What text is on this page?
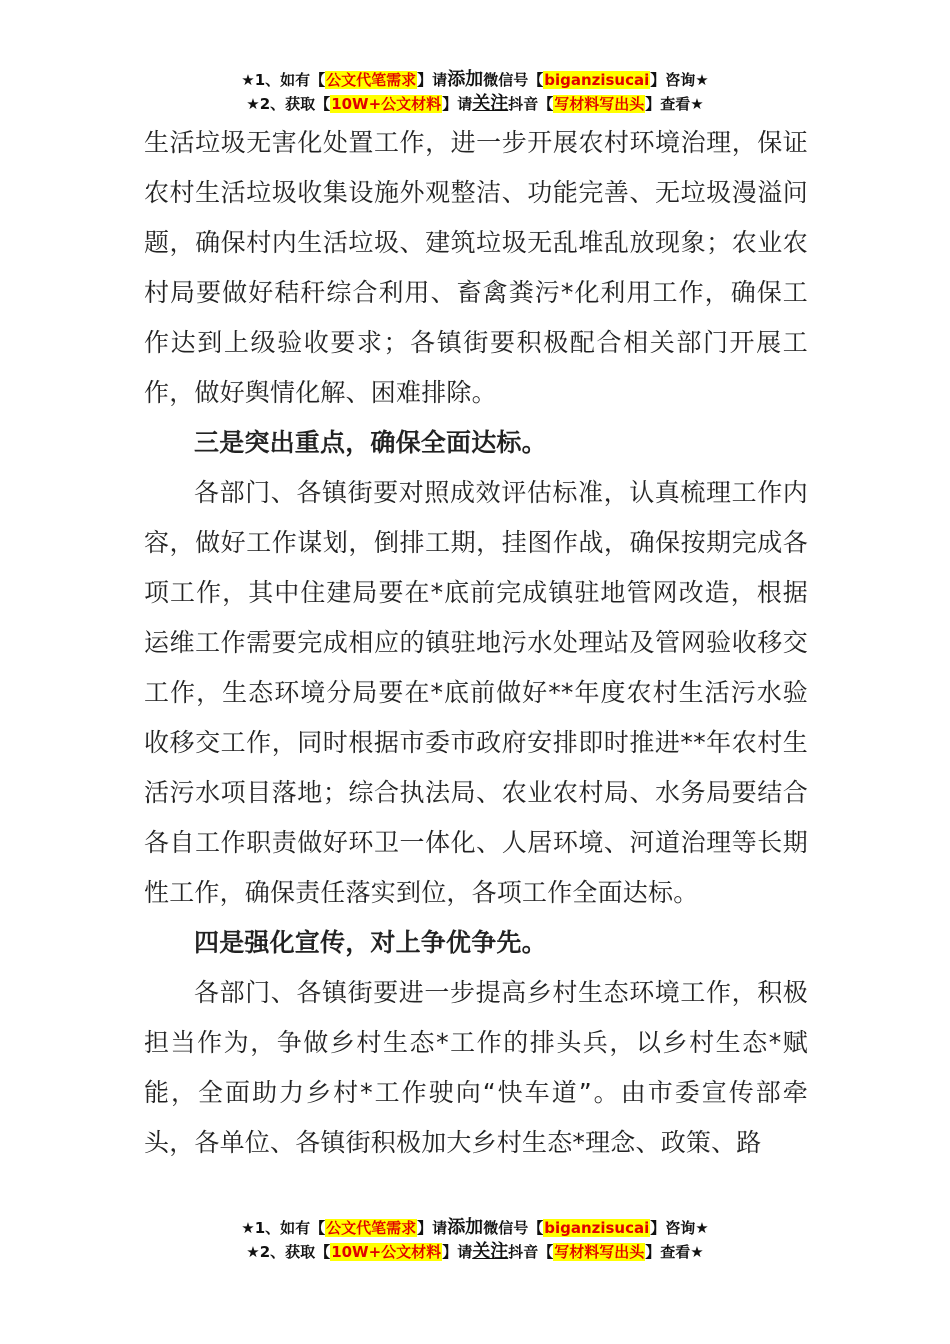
★1、如有【公文代笔需求】请添加微信号【biganzisucai】咨询★
★2、获取【10W+公文材料】请关注抖音【写材料写出头】查看★

生活垃圾无害化处置工作，进一步开展农村环境治理，保证农村生活垃圾收集设施外观整洁、功能完善、无垃圾漫溢问题，确保村内生活垃圾、建筑垃圾无乱堆乱放现象；农业农村局要做好秸秆综合利用、畜禽粪污*化利用工作，确保工作达到上级验收要求；各镇街要积极配合相关部门开展工作，做好舆情化解、困难排除。

三是突出重点，确保全面达标。

各部门、各镇街要对照成效评估标准，认真梳理工作内容，做好工作谋划，倒排工期，挂图作战，确保按期完成各项工作，其中住建局要在*底前完成镇驻地管网改造，根据运维工作需要完成相应的镇驻地污水处理站及管网验收移交工作，生态环境分局要在*底前做好**年度农村生活污水验收移交工作，同时根据市委市政府安排即时推进**年农村生活污水项目落地；综合执法局、农业农村局、水务局要结合各自工作职责做好环卫一体化、人居环境、河道治理等长期性工作，确保责任落实到位，各项工作全面达标。

四是强化宣传，对上争优争先。

各部门、各镇街要进一步提高乡村生态环境工作，积极担当作为，争做乡村生态*工作的排头兵，以乡村生态*赋能，全面助力乡村*工作驶向“快车道”。由市委宣传部牵头，各单位、各镇街积极加大乡村生态*理念、政策、路

★1、如有【公文代笔需求】请添加微信号【biganzisucai】咨询★
★2、获取【10W+公文材料】请关注抖音【写材料写出头】查看★
